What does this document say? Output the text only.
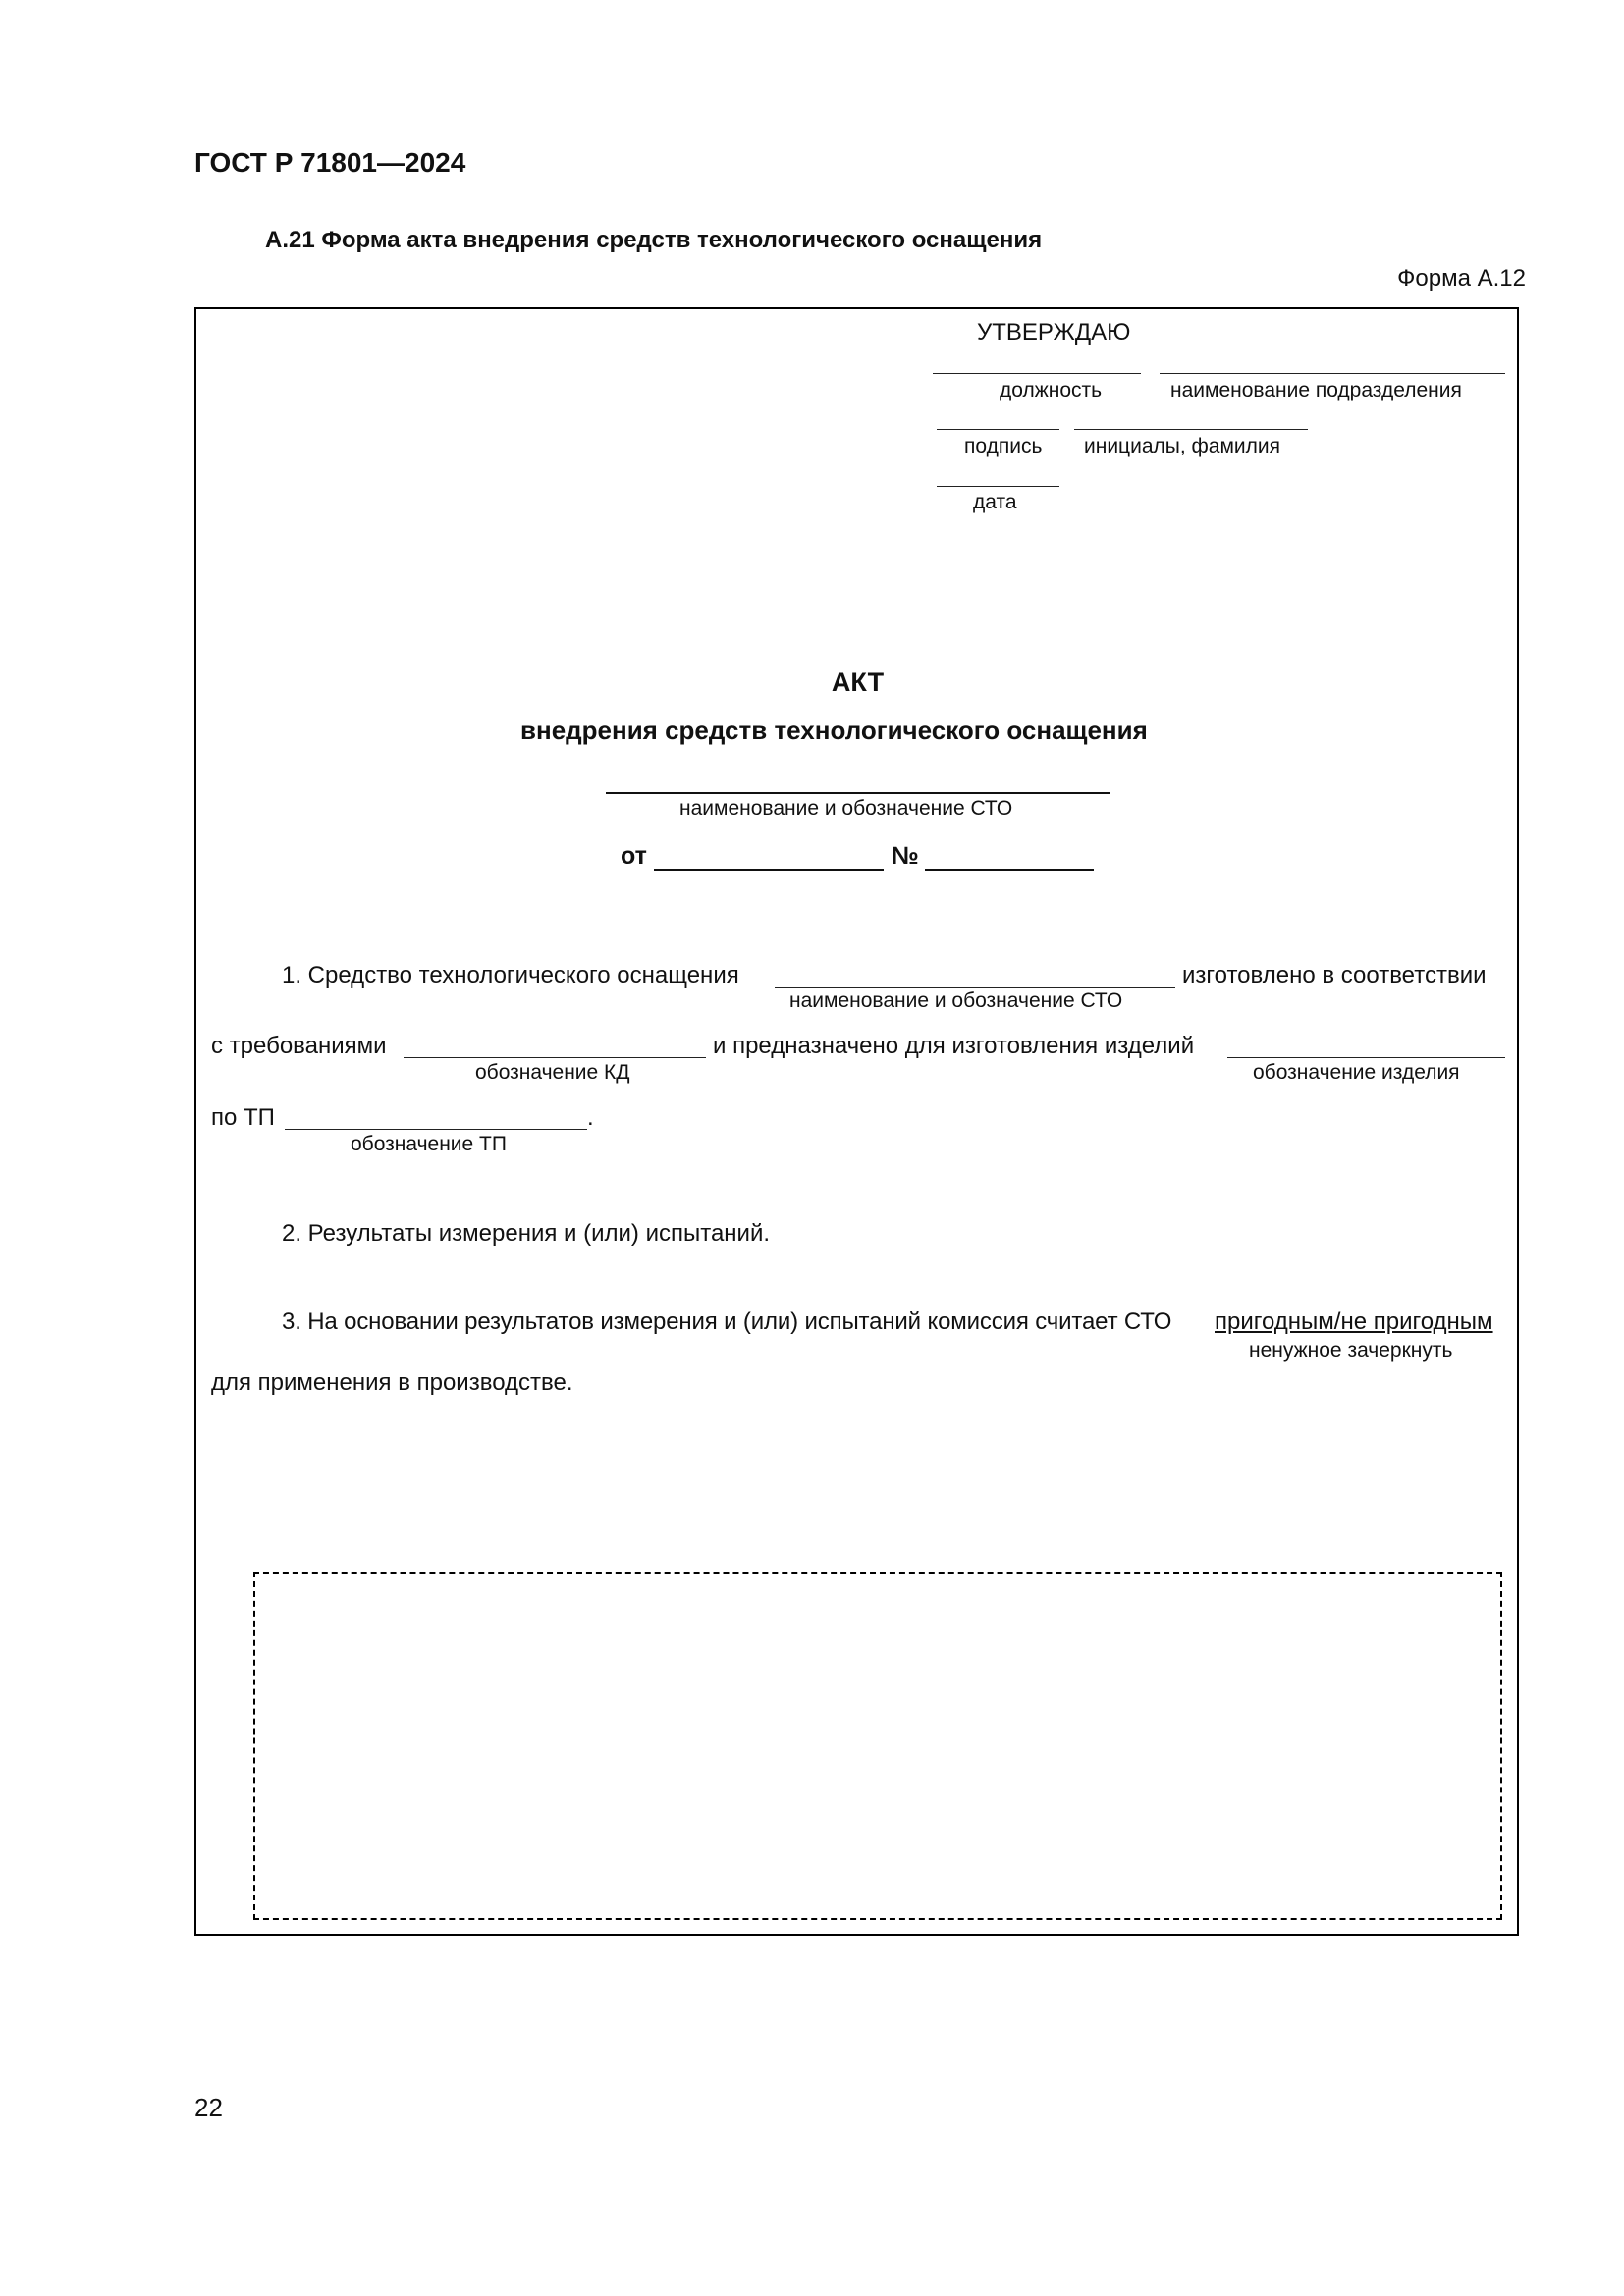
ГОСТ Р 71801—2024
А.21 Форма акта внедрения средств технологического оснащения
Форма А.12
УТВЕРЖДАЮ
должность	наименование подразделения
подпись инициалы, фамилия
дата
АКТ
внедрения средств технологического оснащения
наименование и обозначение СТО
от	№
1. Средство технологического оснащения	изготовлено в соответствии
наименование и обозначение СТО
с требованиями	и предназначено для изготовления изделий
обозначение КД	обозначение изделия
по ТП	.
обозначение ТП
2. Результаты измерения и (или) испытаний.
3. На основании результатов измерения и (или) испытаний комиссия считает СТО пригодным/не пригодным
ненужное зачеркнуть
для применения в производстве.
22
